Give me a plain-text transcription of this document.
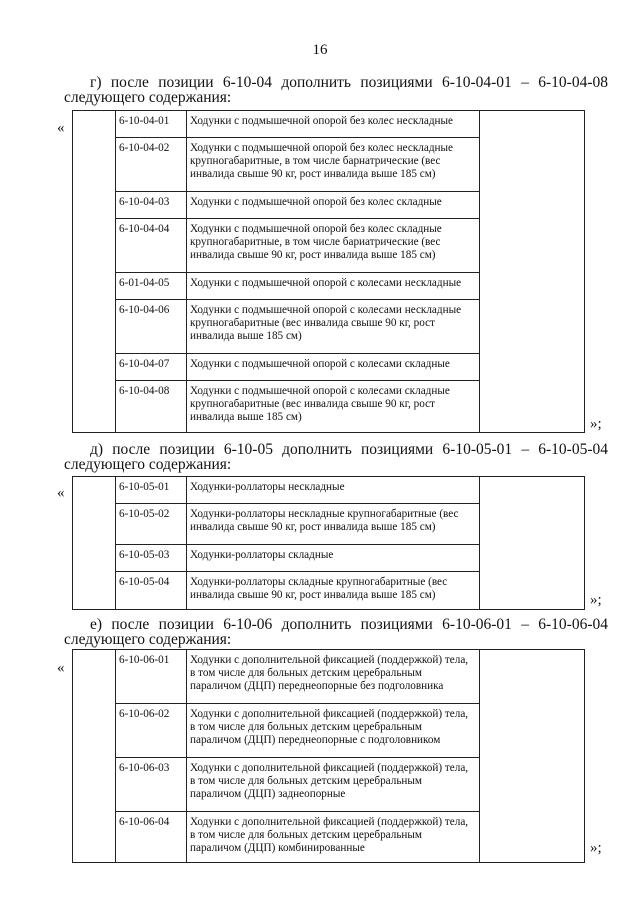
16
г) после позиции 6-10-04 дополнить позициями 6-10-04-01 – 6-10-04-08
следующего содержания:
«
		6-10-04-01	Ходунки с подмышечной опорой без колес нескладные	
	6-10-04-02	Ходунки с подмышечной опорой без колес нескладные крупногабаритные, в том числе барнатрические (вес инвалида свыше 90 кг, рост инвалида выше 185 см)	
	6-10-04-03	Ходунки с подмышечной опорой без колес складные	
	6-10-04-04	Ходунки с подмышечной опорой без колес складные крупногабаритные, в том числе бариатрические (вес инвалида свыше 90 кг, рост инвалида выше 185 см)	
	6-01-04-05	Ходунки с подмышечной опорой с колесами нескладные	
	6-10-04-06	Ходунки с подмышечной опорой с колесами нескладные крупногабаритные (вес инвалида свыше 90 кг, рост инвалида выше 185 см)	
	6-10-04-07	Ходунки с подмышечной опорой с колесами складные	
	6-10-04-08	Ходунки с подмышечной опорой с колесами складные крупногабаритные (вес инвалида свыше 90 кг, рост инвалида выше 185 см)		»;
д) после позиции 6-10-05 дополнить позициями 6-10-05-01 – 6-10-05-04
следующего содержания:
«
		6-10-05-01	Ходунки-роллаторы нескладные	
	6-10-05-02	Ходунки-роллаторы нескладные крупногабаритные (вес инвалида свыше 90 кг, рост инвалида выше 185 см)	
	6-10-05-03	Ходунки-роллаторы складные	
	6-10-05-04	Ходунки-роллаторы складные крупногабаритные (вес инвалида свыше 90 кг, рост инвалида выше 185 см)		»;
е) после позиции 6-10-06 дополнить позициями 6-10-06-01 – 6-10-06-04
следующего содержания:
«
		6-10-06-01	Ходунки с дополнительной фиксацией (поддержкой) тела, в том числе для больных детским церебральным параличом (ДЦП) переднеопорные без подголовника	
	6-10-06-02	Ходунки с дополнительной фиксацией (поддержкой) тела, в том числе для больных детским церебральным параличом (ДЦП) переднеопорные с подголовником	
	6-10-06-03	Ходунки с дополнительной фиксацией (поддержкой) тела, в том числе для больных детским церебральным параличом (ДЦП) заднеопорные	
	6-10-06-04	Ходунки с дополнительной фиксацией (поддержкой) тела, в том числе для больных детским церебральным параличом (ДЦП) комбинированные		»;
